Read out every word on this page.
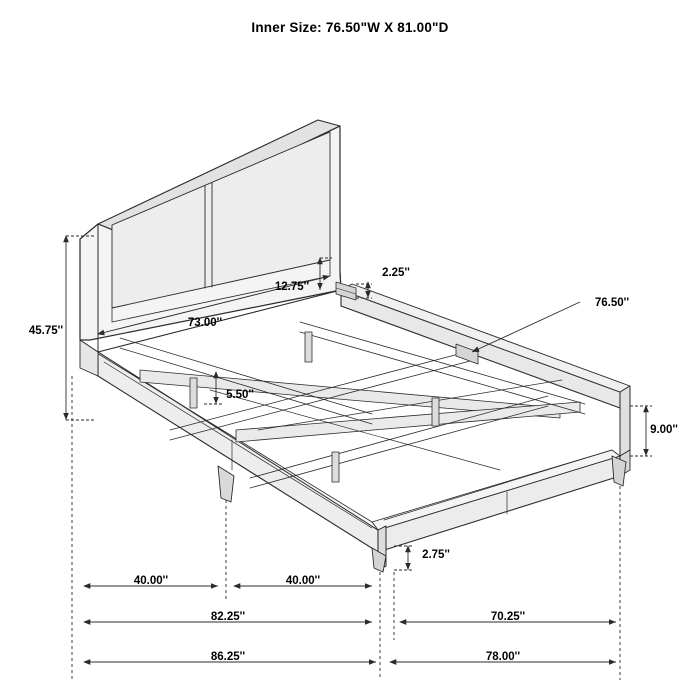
Inner Size: 76.50"W X 81.00"D
45.75''
73.00''
12.75''
2.25''
76.50''
5.50''
9.00''
2.75''
40.00''	40.00''
82.25''	70.25''
86.25''	78.00''
